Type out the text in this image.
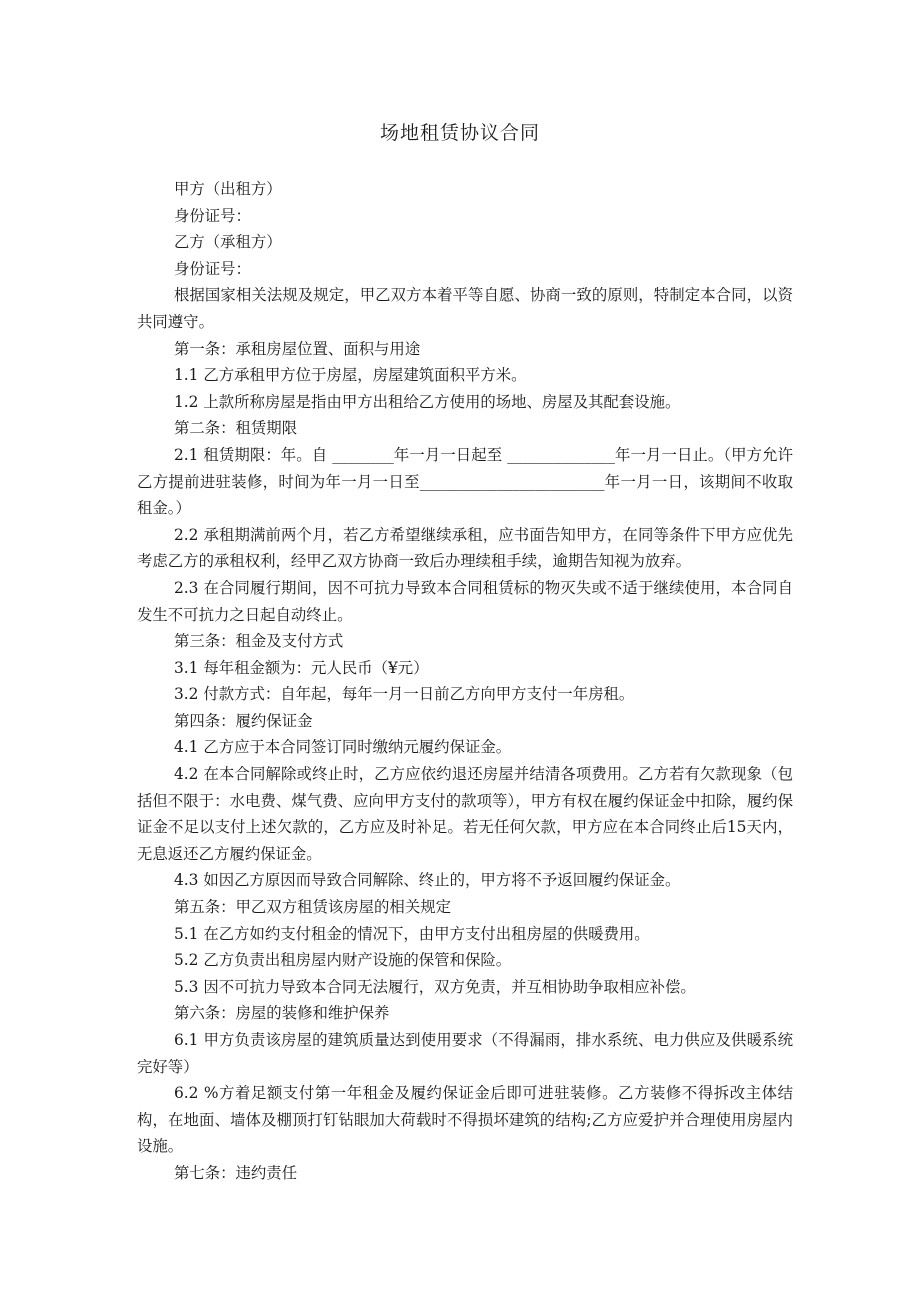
场地租赁协议合同
甲方（出租方）
身份证号：
乙方（承租方）
身份证号：
根据国家相关法规及规定，甲乙双方本着平等自愿、协商一致的原则，特制定本合同，以资共同遵守。
第一条：承租房屋位置、面积与用途
1.1 乙方承租甲方位于房屋，房屋建筑面积平方米。
1.2 上款所称房屋是指由甲方出租给乙方使用的场地、房屋及其配套设施。
第二条：租赁期限
2.1 租赁期限：年。自 ________年一月一日起至 ______________年一月一日止。（甲方允许乙方提前进驻装修，时间为年一月一日至________________________年一月一日，该期间不收取租金。）
2.2 承租期满前两个月，若乙方希望继续承租，应书面告知甲方，在同等条件下甲方应优先考虑乙方的承租权利，经甲乙双方协商一致后办理续租手续，逾期告知视为放弃。
2.3 在合同履行期间，因不可抗力导致本合同租赁标的物灭失或不适于继续使用，本合同自发生不可抗力之日起自动终止。
第三条：租金及支付方式
3.1 每年租金额为：元人民币（¥元）
3.2 付款方式：自年起，每年一月一日前乙方向甲方支付一年房租。
第四条：履约保证金
4.1 乙方应于本合同签订同时缴纳元履约保证金。
4.2 在本合同解除或终止时，乙方应依约退还房屋并结清各项费用。乙方若有欠款现象（包括但不限于：水电费、煤气费、应向甲方支付的款项等），甲方有权在履约保证金中扣除，履约保证金不足以支付上述欠款的，乙方应及时补足。若无任何欠款，甲方应在本合同终止后15天内，无息返还乙方履约保证金。
4.3 如因乙方原因而导致合同解除、终止的，甲方将不予返回履约保证金。
第五条：甲乙双方租赁该房屋的相关规定
5.1 在乙方如约支付租金的情况下，由甲方支付出租房屋的供暖费用。
5.2 乙方负责出租房屋内财产设施的保管和保险。
5.3 因不可抗力导致本合同无法履行，双方免责，并互相协助争取相应补偿。
第六条：房屋的装修和维护保养
6.1 甲方负责该房屋的建筑质量达到使用要求（不得漏雨，排水系统、电力供应及供暖系统完好等）
6.2 %方着足额支付第一年租金及履约保证金后即可进驻装修。乙方装修不得拆改主体结构，在地面、墙体及棚顶打钉钻眼加大荷载时不得损坏建筑的结构;乙方应爱护并合理使用房屋内设施。
第七条：违约责任
